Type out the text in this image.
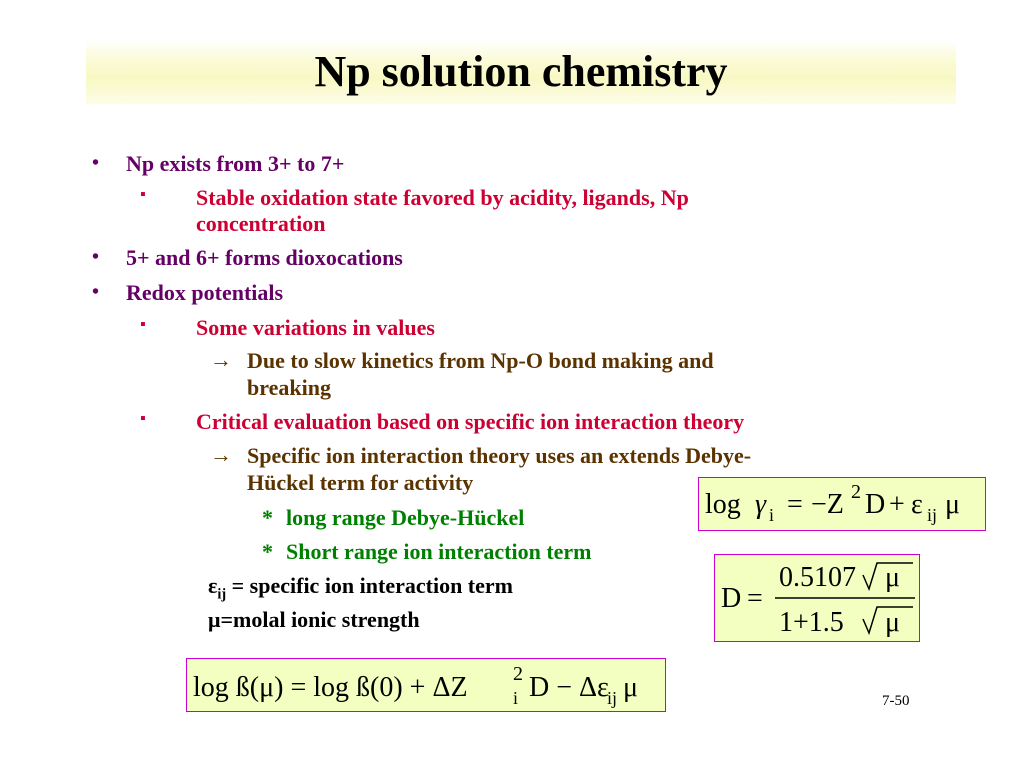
Np solution chemistry
• Np exists from 3+ to 7+
▪ Stable oxidation state favored by acidity, ligands, Np
concentration
• 5+ and 6+ forms dioxocations
• Redox potentials
▪ Some variations in values
→ Due to slow kinetics from Np-O bond making and
breaking
▪ Critical evaluation based on specific ion interaction theory
→ Specific ion interaction theory uses an extends Debye-
Hückel term for activity
* long range Debye-Hückel
* Short range ion interaction term
$\varepsilon_{ij}$ = specific ion interaction term
μ=molal ionic strength
log γ i = −Z 2 D + ε ij μ
D =
0.5107 μ
1+1.5 μ
log ß(μ) = log ß(0) + ΔZ 2
i D − Δε
ij μ	7-50
